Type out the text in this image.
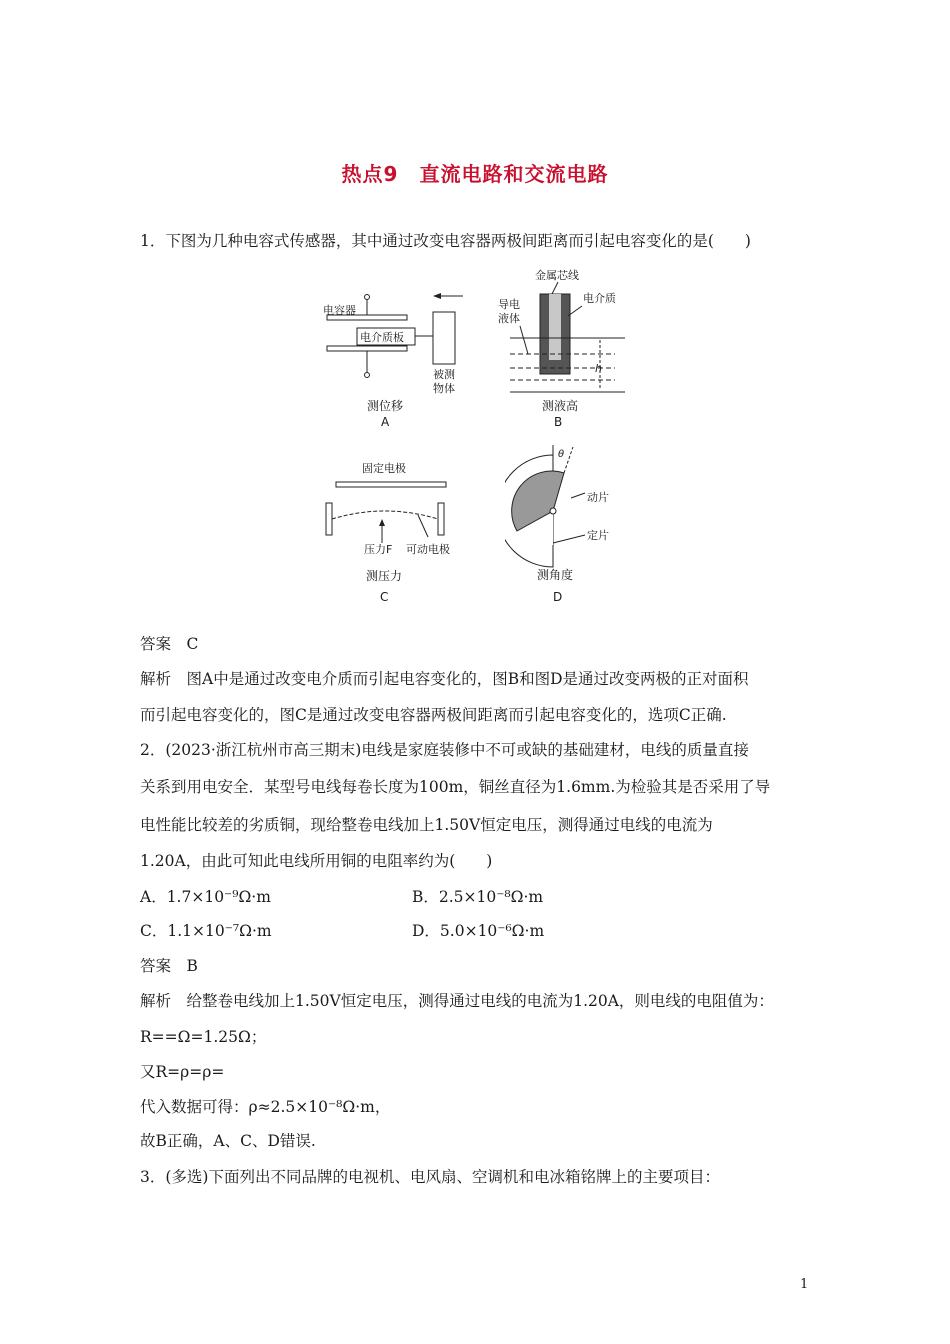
热点9　直流电路和交流电路
1．下图为几种电容式传感器，其中通过改变电容器两极间距离而引起电容变化的是(　　)
电容器
电介质板
被测
物体
测位移
A
金属芯线
电介质
导电
液体
h
测液高
B
固定电极
压力F 可动电极
测压力
C
θ
动片
定片
测角度
D
答案　C
解析　图A中是通过改变电介质而引起电容变化的，图B和图D是通过改变两极的正对面积
而引起电容变化的，图C是通过改变电容器两极间距离而引起电容变化的，选项C正确.
2．(2023·浙江杭州市高三期末)电线是家庭装修中不可或缺的基础建材，电线的质量直接
关系到用电安全．某型号电线每卷长度为100m，铜丝直径为1.6mm.为检验其是否采用了导
电性能比较差的劣质铜，现给整卷电线加上1.50V恒定电压，测得通过电线的电流为
1.20A，由此可知此电线所用铜的电阻率约为(　　)
A．1.7×10⁻⁹Ω·m	B．2.5×10⁻⁸Ω·m
C．1.1×10⁻⁷Ω·m	D．5.0×10⁻⁶Ω·m
答案　B
解析　给整卷电线加上1.50V恒定电压，测得通过电线的电流为1.20A，则电线的电阻值为：
R==Ω=1.25Ω；
又R=ρ=ρ=
代入数据可得：ρ≈2.5×10⁻⁸Ω·m，
故B正确，A、C、D错误.
3．(多选)下面列出不同品牌的电视机、电风扇、空调机和电冰箱铭牌上的主要项目：
1
